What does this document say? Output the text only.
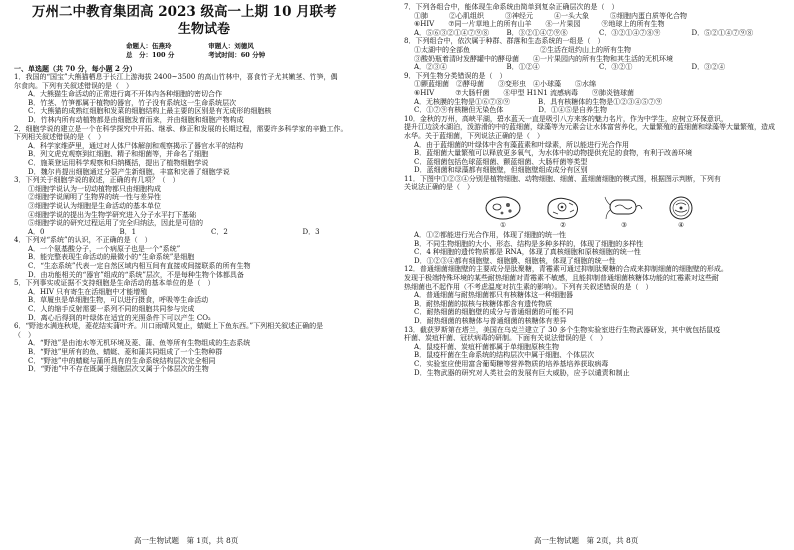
万州二中教育集团高 2023 级高一上期 10 月联考
生物试卷
命题人：伍燕玲	审题人：刘德风
总　分：100 分	考试时间：60 分钟
一、单选题（共 70 分，每小题 2 分）
1．我国的“国宝”大熊猫栖息于长江上游海拔 2400~3500 的高山竹林中，喜食竹子尤其嫩茎、竹笋，偶
尔食肉。下列有关叙述错误的是（　）
A．大熊猫生命活动的正常进行离不开体内各种细胞的密切合作
B．竹茎、竹笋都属于植物的器官，竹子没有系统这一生命系统层次
C．大熊猫的成熟红细胞和发菜的细胞结构上最主要的区别是有无成形的细胞核
D．竹林内所有动植物都是由细胞发育而来，并由细胞和细胞产物构成
2．细胞学说的建立是一个在科学探究中开拓、继承、修正和发展的长期过程，需要许多科学家的辛勤工作。
下列相关叙述错误的是（　）
A．科学家维萨里，通过对人体尸体解剖和观察揭示了器官水平的结构
B．列文虎克观察到红细胞、精子和细菌等，并命名了细胞
C．施莱登运用科学观察和归纳概括，提出了植物细胞学说
D．魏尔肖提出细胞通过分裂产生新细胞，丰富和完善了细胞学说
3．下列关于细胞学说的叙述，正确的有几项？（　）
①细胞学说认为一切动植物都只由细胞构成
②细胞学说阐明了生物界的统一性与差异性
③细胞学说认为细胞是生命活动的基本单位
④细胞学说的提出为生物学研究进入分子水平打下基础
⑤细胞学说的研究过程运用了完全归纳法，因此是可信的
A．0	B．1	C．2	D．3
4．下列对“系统”的认识，不正确的是（　）
A．一个氨基酸分子，一个病原子也是一个“系统”
B．能完整表现生命活动的最微小的“生命系统”是细胞
C．“生态系统”代表一定自然区域内相互间有直接或间接联系的所有生物
D．由功能相关的“器官”组成的“系统”层次，不是每种生物个体都具备
5．下列事实或证据不支持细胞是生命活动的基本单位的是（　）
A．HIV 只有寄生在活细胞中才能增殖
B．草履虫是单细胞生物，可以进行摄食，呼吸等生命活动
C．人的缩手反射需要一系列不同的细胞共同参与完成
D．离心后得到的叶绿体在适宜的光照条件下可以产生 CO₂
6．“野池水满连秋堤，菱花结实蒲叶齐。川口雨晴风复止，蜻蜓上下鱼东西。”下列相关叙述正确的是
（　）
A．“野池”是由池水等无机环境及菱、蒲、鱼等所有生物组成的生态系统
B．“野池”里所有的鱼、蜻蜓、菱和蒲共同组成了一个生物种群
C．“野池”中的蜻蜓与蒲所具有的生命系统结构层次完全相同
D．“野池”中不存在既属于细胞层次又属于个体层次的生物
高一生物试题　第 1页，共 8页
7．下列各组合中，能体现生命系统由简单到复杂正确层次的是（　）
①肺　　　②心肌组织　　　③神经元　　　④一头大象　　　⑤细胞内蛋白质等化合物
⑥HIV　　⑦同一片草地上的所有山羊　　⑧一片果园　　　⑨地球上的所有生物
A．⑤⑥③②①④⑦⑨⑧	B．③②①④⑦⑨⑧	C．③②①④⑦⑧⑨	D．⑤②①④⑦⑨⑧
8．下列组合中，依次属于种群、群落和生态系统的一组是（　）
①太湖中的全部鱼　　　　　　　　　　②生活在纽约山上的所有生物
③酸奶瓶着清时发酵罐中的酵母菌　　④一片果园内的所有生物和其生活的无机环境
A．②③④	B．①②④	C．③②①	D．③②④
9．下列生物分类错误的是（　）
①颤蓝细菌　②酵母菌　　③变形虫　④小球藻　　⑤水绵
⑥HIV　　　⑦大肠杆菌　　⑧甲型 H1N1 流感病毒　　⑨肺炎链球菌
A．无核膜的生物是①⑥⑦⑧⑨　　　　B．具有核糖体的生物是①②③④⑤⑦⑨
C．①⑦⑨有核糖但无染色体　　　　　D．①④⑤是自养生物
10．金秋的万州，高峡平湖，碧水蓝天一直是吸引八方来客的魅力名片，作为中学生，应树立环保意识，
提升江边淡水湖泊，泼游滑的中的蓝细菌，绿藻等为元素会让水体富营养化，大量繁殖的蓝细菌和绿藻等大量繁殖，造成
水华。关于蓝细菌，下列说法正确的是（　）
A．由于蓝细菌的叶绿体中含有藻蓝素和叶绿素，所以能进行光合作用
B．蓝细菌大量繁殖可以释放更多氧气，为水体中的动物提供充足的食物，有利于改善环境
C．蓝细菌包括色球蓝细菌、颤蓝细菌、大肠杆菌等类型
D．蓝细菌和绿藻都有细胞壁，但细胞壁组成成分有区别
11．下图中①②③④分别是植物细胞、动物细胞、细菌、蓝细菌细胞的模式图，根据图示判断，下列有
关说法正确的是（　）
①	②	③	④
A．①②都能进行光合作用，体现了细胞的统一性
B．不同生物细胞的大小、形态、结构是多种多样的，体现了细胞的多样性
C．4 种细胞的遗传物质都是 RNA，体现了真核细胞和原核细胞的统一性
D．①②③④都有细胞壁、细胞膜、细胞核，体现了细胞的统一性
12．普通细菌细胞壁的主要成分是肽聚糖，青霉素可通过抑制肽聚糖的合成来抑制细菌的细胞壁的形成。
发现于极端特殊环境的某些耐热细菌对青霉素不敏感，且能抑制普通细菌核糖体功能的红霉素对这些耐
热细菌也不起作用（不考虑温度对抗生素的影响）。下列有关叙述错误的是（　）
A．普通细菌与耐热细菌都只有核糖体这一种细胞器
B．耐热细菌的拟核与核糖体都含有遗传物质
C．耐热细菌的细胞壁的成分与普通细菌的可能不同
D．耐热细菌的核糖体与普通细菌的核糖体有差异
13．截获罗斯第在塔兰，美国在乌克兰建立了 30 多个生物实验室进行生物武器研发，其中就包括鼠疫
杆菌、炭疽杆菌、冠状病毒的研制。下面有关说法错误的是（　）
A．鼠疫杆菌、炭疽杆菌都属于单细胞原核生物
B．鼠疫杆菌在生命系统的结构层次中属于细胞、个体层次
C．实验室应使用富含葡萄糖等营养物质的培养基培养获取病毒
D．生物武器的研究对人类社会的发展有巨大威胁，应予以谴责和制止
高一生物试题　第 2页，共 8页
